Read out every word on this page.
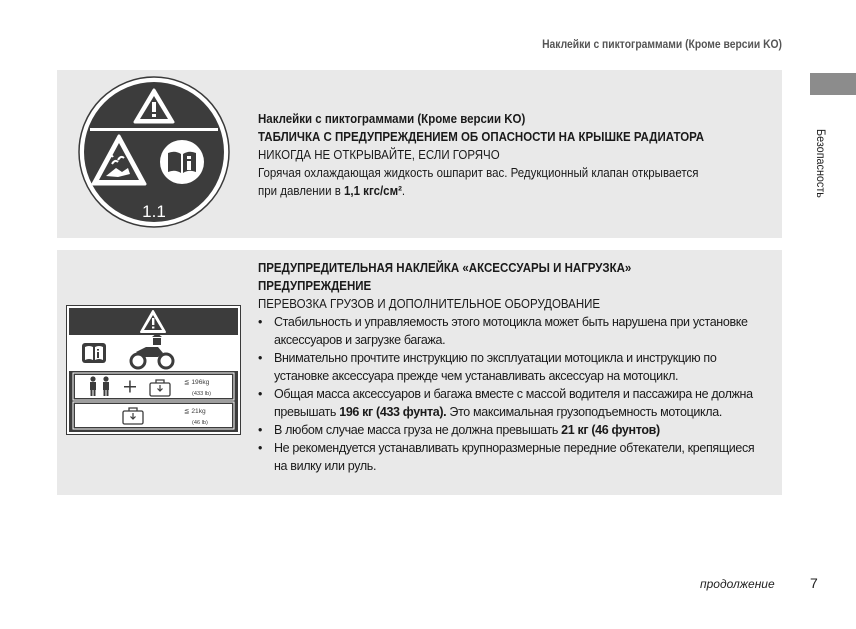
Наклейки с пиктограммами (Кроме версии KO)
Безопасность
1.1
Наклейки с пиктограммами (Кроме версии KO)
ТАБЛИЧКА С ПРЕДУПРЕЖДЕНИЕМ ОБ ОПАСНОСТИ НА КРЫШКЕ РАДИАТОРА
НИКОГДА НЕ ОТКРЫВАЙТЕ, ЕСЛИ ГОРЯЧО
Горячая охлаждающая жидкость ошпарит вас. Редукционный клапан открывается
при давлении в 1,1 кгс/см².
≦ 196kg
(433 lb)
≦ 21kg
(46 lb)
ПРЕДУПРЕДИТЕЛЬНАЯ НАКЛЕЙКА «АКСЕССУАРЫ И НАГРУЗКА»
ПРЕДУПРЕЖДЕНИЕ
ПЕРЕВОЗКА ГРУЗОВ И ДОПОЛНИТЕЛЬНОЕ ОБОРУДОВАНИЕ
• Стабильность и управляемость этого мотоцикла может быть нарушена при установке аксессуаров и загрузке багажа.
• Внимательно прочтите инструкцию по эксплуатации мотоцикла и инструкцию по установке аксессуара прежде чем устанавливать аксессуар на мотоцикл.
• Общая масса аксессуаров и багажа вместе с массой водителя и пассажира не должна превышать 196 кг (433 фунта). Это максимальная грузоподъемность мотоцикла.
• В любом случае масса груза не должна превышать 21 кг (46 фунтов)
• Не рекомендуется устанавливать крупноразмерные передние обтекатели, крепящиеся на вилку или руль.
продолжение	7
